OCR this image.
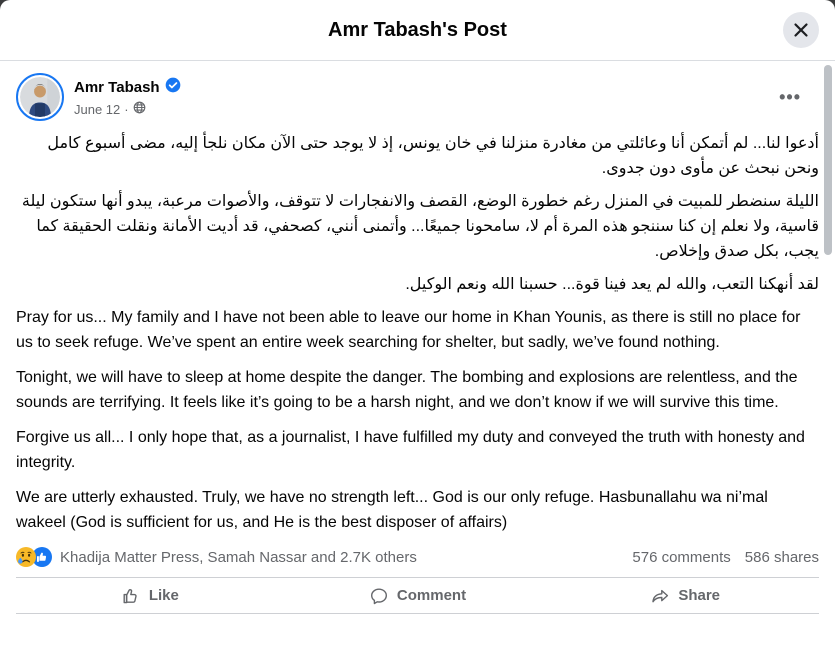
Amr Tabash's Post
Amr Tabash
June 12 ·
•••

أدعوا لنا... لم أتمكن أنا وعائلتي من مغادرة منزلنا في خان يونس، إذ لا يوجد حتى الآن مكان نلجأ إليه، مضى أسبوع كامل ونحن نبحث عن مأوى دون جدوى.

الليلة سنضطر للمبيت في المنزل رغم خطورة الوضع، القصف والانفجارات لا تتوقف، والأصوات مرعبة، يبدو أنها ستكون ليلة قاسية، ولا نعلم إن كنا سننجو هذه المرة أم لا، سامحونا جميعًا... وأتمنى أنني، كصحفي، قد أديت الأمانة ونقلت الحقيقة كما يجب، بكل صدق وإخلاص.

لقد أنهكنا التعب، والله لم يعد فينا قوة... حسبنا الله ونعم الوكيل.

Pray for us... My family and I have not been able to leave our home in Khan Younis, as there is still no place for us to seek refuge. We’ve spent an entire week searching for shelter, but sadly, we’ve found nothing.

Tonight, we will have to sleep at home despite the danger. The bombing and explosions are relentless, and the sounds are terrifying. It feels like it’s going to be a harsh night, and we don’t know if we will survive this time.

Forgive us all... I only hope that, as a journalist, I have fulfilled my duty and conveyed the truth with honesty and integrity.

We are utterly exhausted. Truly, we have no strength left... God is our only refuge. Hasbunallahu wa ni’mal wakeel (God is sufficient for us, and He is the best disposer of affairs)

Khadija Matter Press, Samah Nassar and 2.7K others	576 comments 586 shares
Like	Comment	Share
